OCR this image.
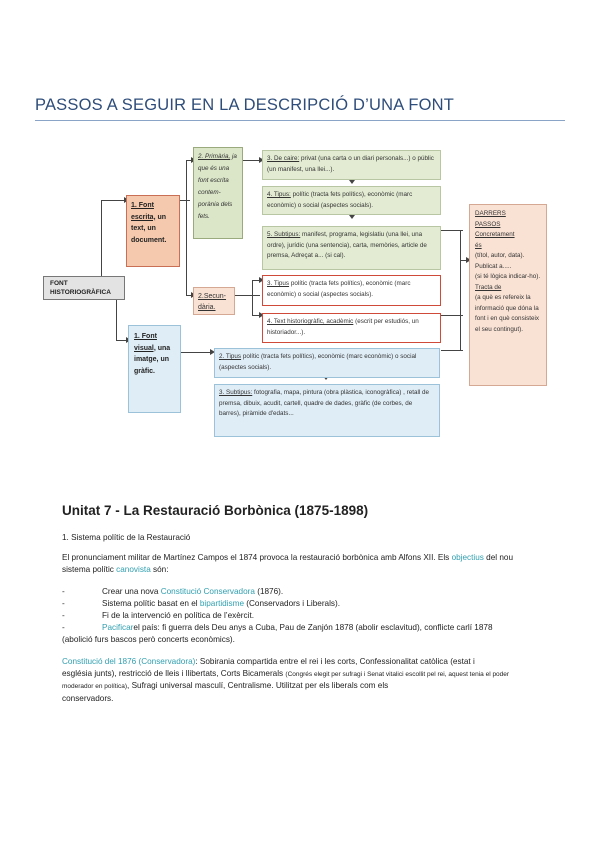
PASSOS A SEGUIR EN LA DESCRIPCIÓ D’UNA FONT
FONT
HISTORIOGRÀFICA
1. Font escrita, un text, un document.
1. Font visual, una imatge, un gràfic.
2. Primària, ja que és una font escrita contem-porània dels fets.
2.Secun-dària.
3. De caire: privat (una carta o un diari personals...) o públic (un manifest, una llei...).
4. Tipus: polític (tracta fets polítics), econòmic (marc econòmic) o social (aspectes socials).
5. Subtipus: manifest, programa, legislatiu (una llei, una ordre), jurídic (una sentencia), carta, memòries, article de premsa, Adreçat a... (si cal).
3. Tipus polític (tracta fets polítics), econòmic (marc econòmic) o social (aspectes socials).
4. Text historiogràfic, acadèmic (escrit per estudiós, un historiador...).
2. Tipus polític (tracta fets polítics), econòmic (marc econòmic) o social (aspectes socials).
3. Subtipus: fotografia, mapa, pintura (obra plàstica, iconogràfica) , retall de premsa, dibuix, acudit, cartell, quadre de dades, gràfic (de corbes, de barres), piràmide d'edats...
DARRERS
PASSOS
Concretament
és
(títol, autor, data).
Publicat a.....
(si té lògica indicar-ho).
Tracta de
(a què es refereix la informació que dóna la font i en què consisteix el seu contingut).
Unitat 7 - La Restauració Borbònica (1875-1898)
1. Sistema polític de la Restauració
El pronunciament militar de Martínez Campos el 1874 provoca la restauració borbònica amb Alfons XII. Els objectius del nou sistema polític canovista són:
-	Crear una nova Constitució Conservadora (1876).
-	Sistema polític basat en el bipartidisme (Conservadors i Liberals).
-	Fi de la intervenció en política de l’exèrcit.
-	Pacificarel país: fi guerra dels Deu anys a Cuba, Pau de Zanjón 1878 (abolir esclavitud), conflicte carlí 1878
(abolició furs bascos però concerts econòmics).
Constitució del 1876 (Conservadora): Sobirania compartida entre el rei i les corts, Confessionalitat catòlica (estat i
església junts), restricció de lleis i llibertats, Corts Bicamerals (Congrés elegit per sufragi i Senat vitalici escollit pel rei, aquest tenia el poder moderador en política), Sufragi universal masculí, Centralisme. Utilitzat per els liberals com els
conservadors.
